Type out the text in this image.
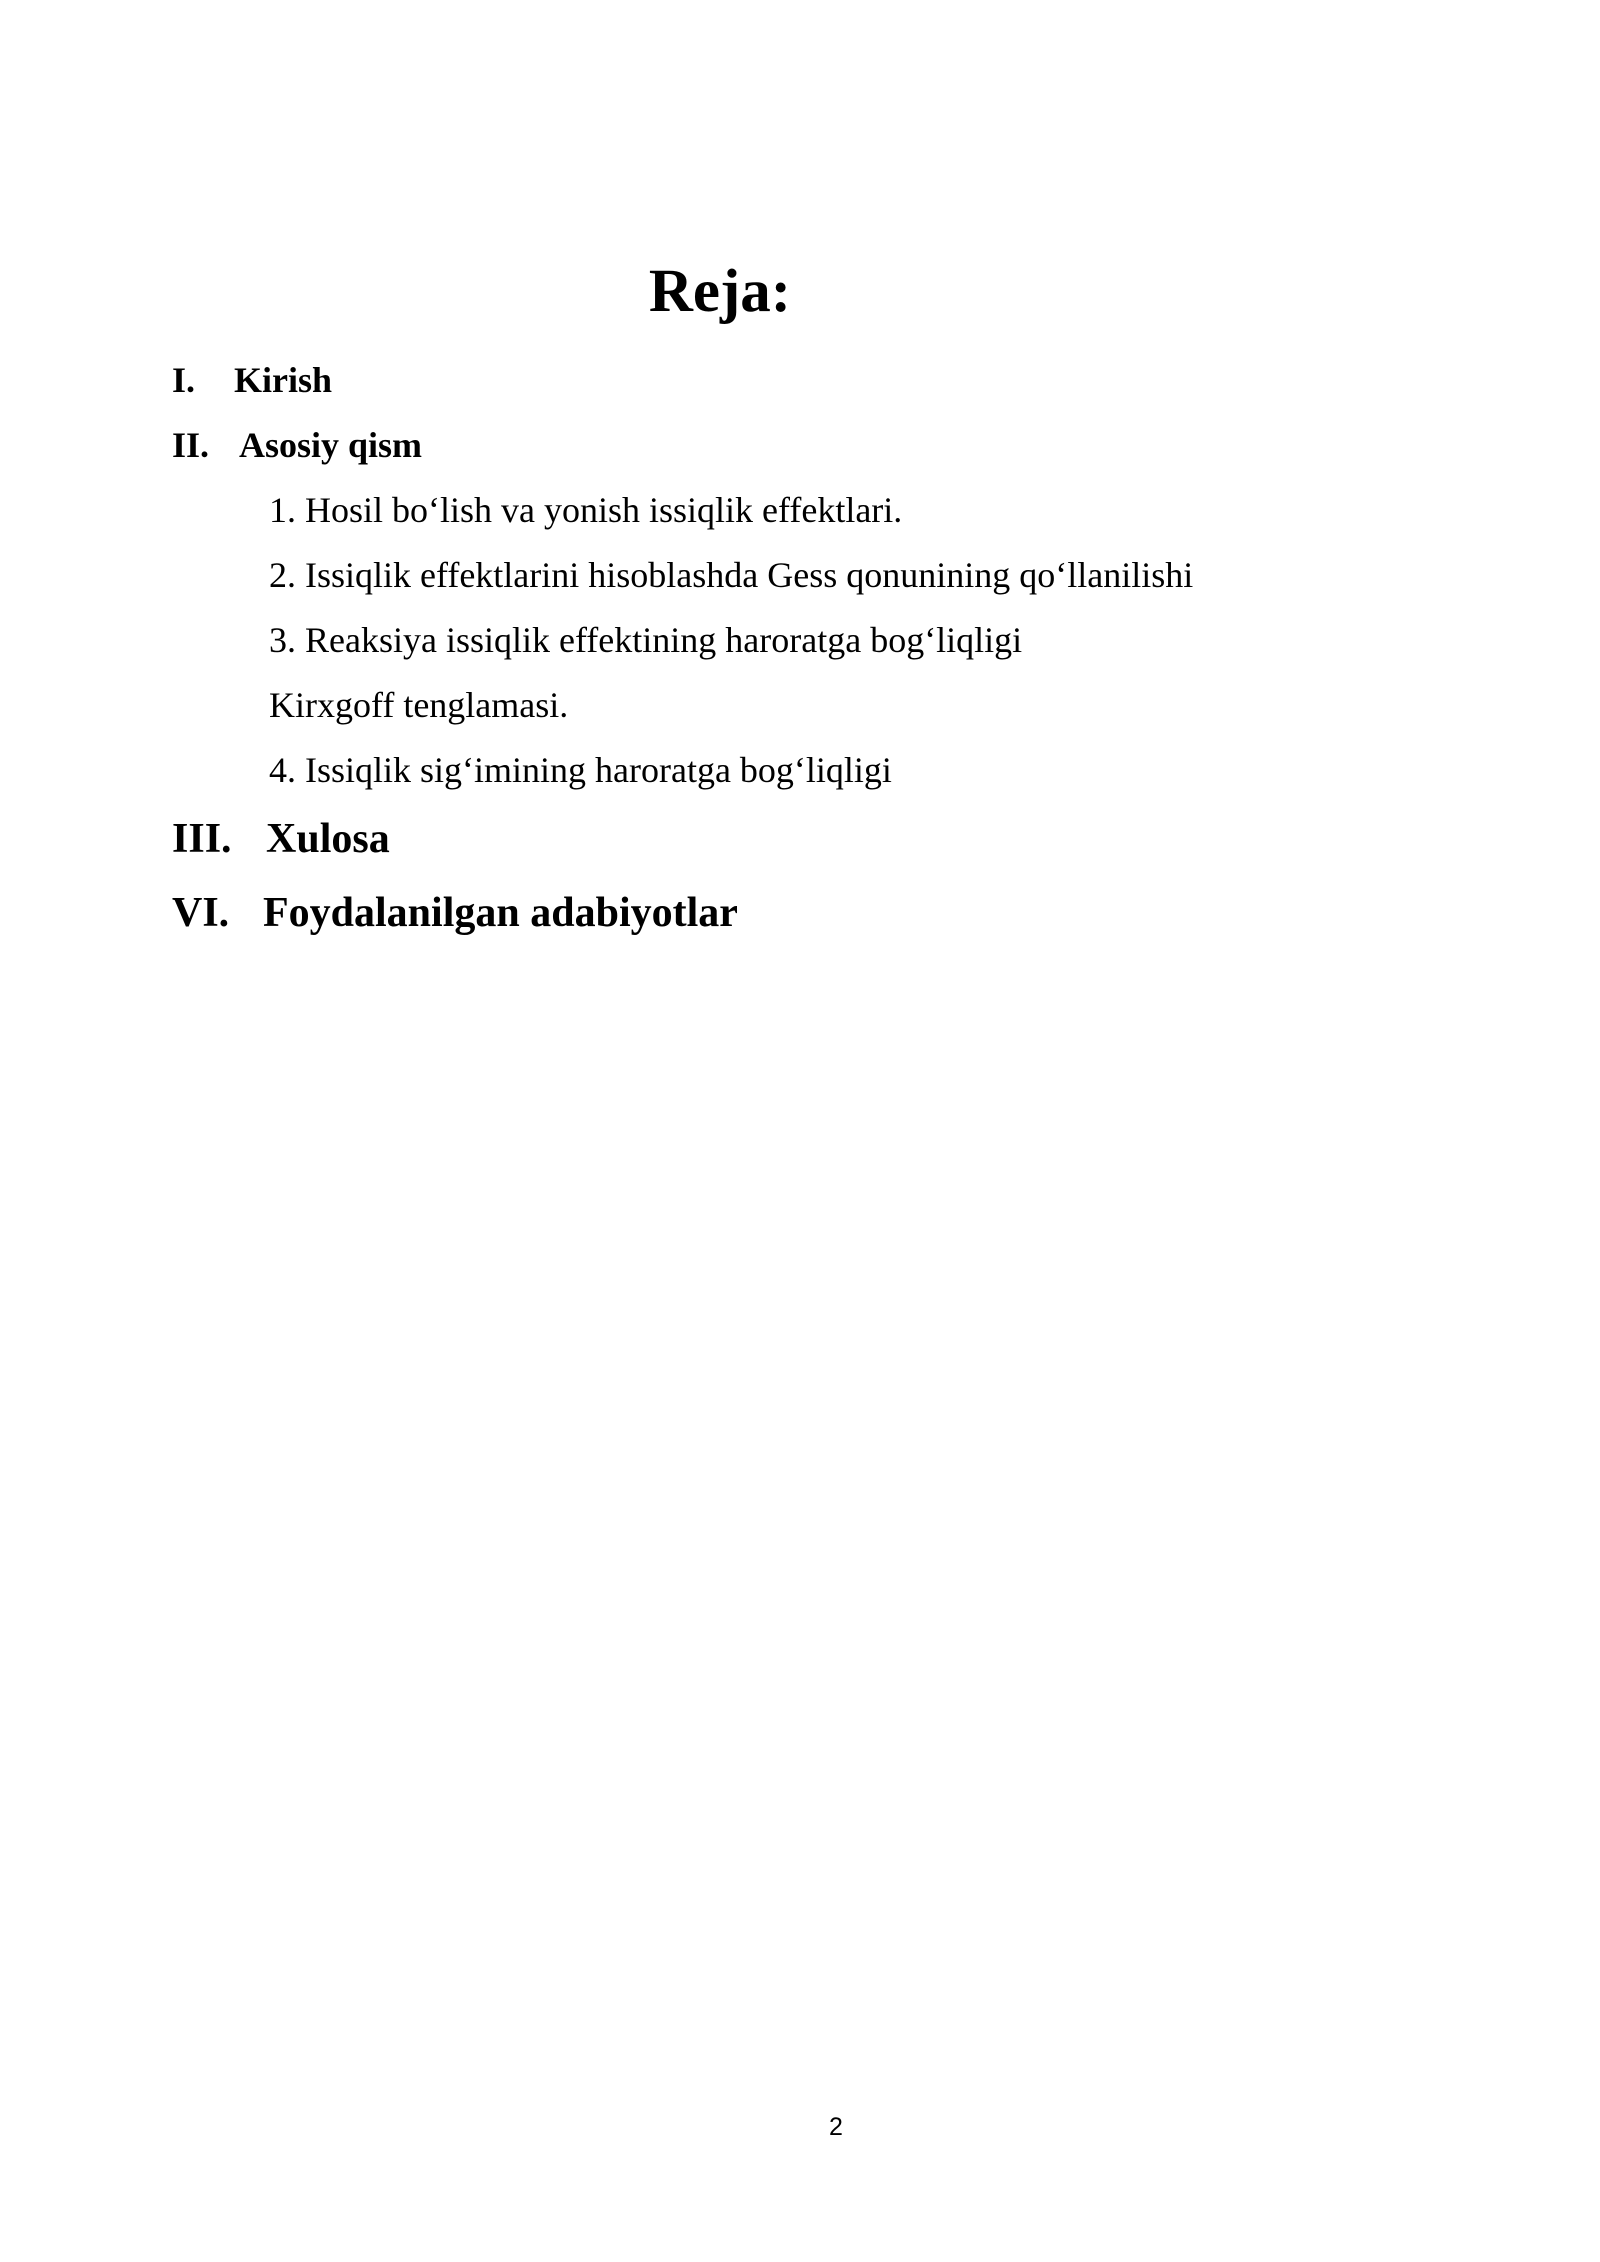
Reja:
I. Kirish
II. Asosiy qism
1. Hosil bo‘lish va yonish issiqlik effektlari.
2. Issiqlik effektlarini hisoblashda Gess qonunining qo‘llanilishi
3. Reaksiya issiqlik effektining haroratga bog‘liqligi
Kirxgoff tenglamasi.
4. Issiqlik sig‘imining haroratga bog‘liqligi
III. Xulosa
VI. Foydalanilgan adabiyotlar
2
